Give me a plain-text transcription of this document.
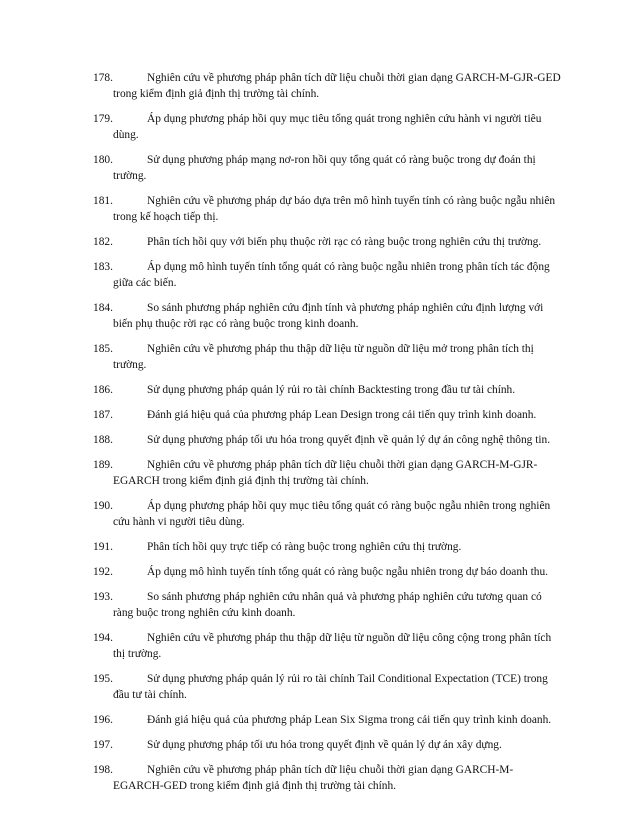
178.	Nghiên cứu về phương pháp phân tích dữ liệu chuỗi thời gian dạng GARCH-M-GJR-GED trong kiểm định giả định thị trường tài chính.

179.	Áp dụng phương pháp hồi quy mục tiêu tổng quát trong nghiên cứu hành vi người tiêu dùng.

180.	Sử dụng phương pháp mạng nơ-ron hồi quy tổng quát có ràng buộc trong dự đoán thị trường.

181.	Nghiên cứu về phương pháp dự báo dựa trên mô hình tuyến tính có ràng buộc ngẫu nhiên trong kế hoạch tiếp thị.

182.	Phân tích hồi quy với biến phụ thuộc rời rạc có ràng buộc trong nghiên cứu thị trường.

183.	Áp dụng mô hình tuyến tính tổng quát có ràng buộc ngẫu nhiên trong phân tích tác động giữa các biến.

184.	So sánh phương pháp nghiên cứu định tính và phương pháp nghiên cứu định lượng với biến phụ thuộc rời rạc có ràng buộc trong kinh doanh.

185.	Nghiên cứu về phương pháp thu thập dữ liệu từ nguồn dữ liệu mở trong phân tích thị trường.

186.	Sử dụng phương pháp quản lý rủi ro tài chính Backtesting trong đầu tư tài chính.

187.	Đánh giá hiệu quả của phương pháp Lean Design trong cải tiến quy trình kinh doanh.

188.	Sử dụng phương pháp tối ưu hóa trong quyết định về quản lý dự án công nghệ thông tin.

189.	Nghiên cứu về phương pháp phân tích dữ liệu chuỗi thời gian dạng GARCH-M-GJR-EGARCH trong kiểm định giả định thị trường tài chính.

190.	Áp dụng phương pháp hồi quy mục tiêu tổng quát có ràng buộc ngẫu nhiên trong nghiên cứu hành vi người tiêu dùng.

191.	Phân tích hồi quy trực tiếp có ràng buộc trong nghiên cứu thị trường.

192.	Áp dụng mô hình tuyến tính tổng quát có ràng buộc ngẫu nhiên trong dự báo doanh thu.

193.	So sánh phương pháp nghiên cứu nhân quả và phương pháp nghiên cứu tương quan có ràng buộc trong nghiên cứu kinh doanh.

194.	Nghiên cứu về phương pháp thu thập dữ liệu từ nguồn dữ liệu công cộng trong phân tích thị trường.

195.	Sử dụng phương pháp quản lý rủi ro tài chính Tail Conditional Expectation (TCE) trong đầu tư tài chính.

196.	Đánh giá hiệu quả của phương pháp Lean Six Sigma trong cải tiến quy trình kinh doanh.

197.	Sử dụng phương pháp tối ưu hóa trong quyết định về quản lý dự án xây dựng.

198.	Nghiên cứu về phương pháp phân tích dữ liệu chuỗi thời gian dạng GARCH-M-EGARCH-GED trong kiểm định giả định thị trường tài chính.
